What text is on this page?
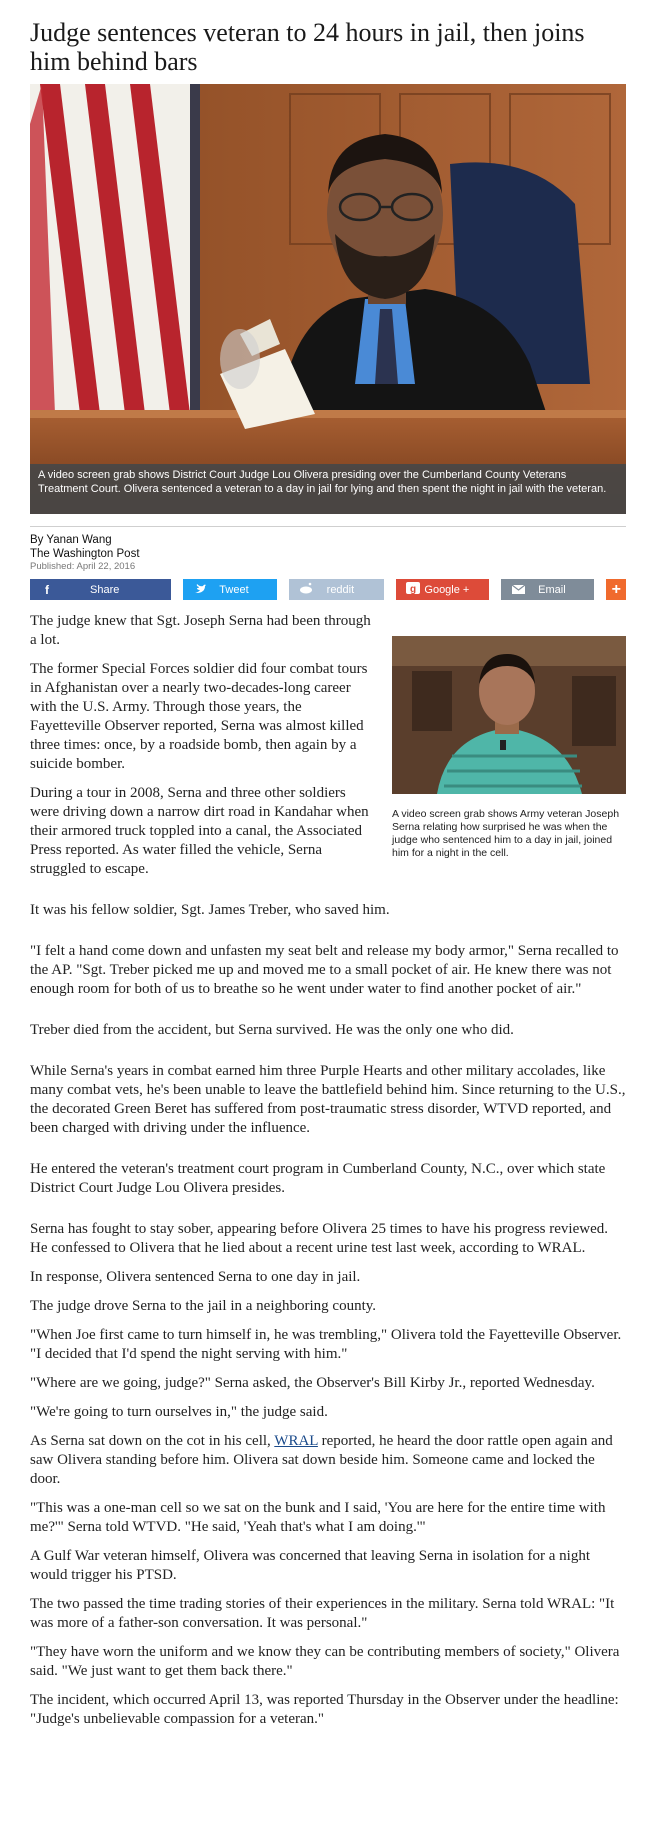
Judge sentences veteran to 24 hours in jail, then joins him behind bars
A video screen grab shows District Court Judge Lou Olivera presiding over the Cumberland County Veterans Treatment Court. Olivera sentenced a veteran to a day in jail for lying and then spent the night in jail with the veteran.
By Yanan Wang
The Washington Post
Published: April 22, 2016
f	Share	Tweet	reddit	g Google +	Email	+
A video screen grab shows Army veteran Joseph Serna relating how surprised he was when the judge who sentenced him to a day in jail, joined him for a night in the cell.

The judge knew that Sgt. Joseph Serna had been through a lot.

The former Special Forces soldier did four combat tours in Afghanistan over a nearly two-decades-long career with the U.S. Army. Through those years, the Fayetteville Observer reported, Serna was almost killed three times: once, by a roadside bomb, then again by a suicide bomber.

During a tour in 2008, Serna and three other soldiers were driving down a narrow dirt road in Kandahar when their armored truck toppled into a canal, the Associated Press reported. As water filled the vehicle, Serna struggled to escape.

It was his fellow soldier, Sgt. James Treber, who saved him.

"I felt a hand come down and unfasten my seat belt and release my body armor," Serna recalled to the AP. "Sgt. Treber picked me up and moved me to a small pocket of air. He knew there was not enough room for both of us to breathe so he went under water to find another pocket of air."

Treber died from the accident, but Serna survived. He was the only one who did.

While Serna's years in combat earned him three Purple Hearts and other military accolades, like many combat vets, he's been unable to leave the battlefield behind him. Since returning to the U.S., the decorated Green Beret has suffered from post-traumatic stress disorder, WTVD reported, and been charged with driving under the influence.

He entered the veteran's treatment court program in Cumberland County, N.C., over which state District Court Judge Lou Olivera presides.

Serna has fought to stay sober, appearing before Olivera 25 times to have his progress reviewed. He confessed to Olivera that he lied about a recent urine test last week, according to WRAL.

In response, Olivera sentenced Serna to one day in jail.

The judge drove Serna to the jail in a neighboring county.

"When Joe first came to turn himself in, he was trembling," Olivera told the Fayetteville Observer. "I decided that I'd spend the night serving with him."

"Where are we going, judge?" Serna asked, the Observer's Bill Kirby Jr., reported Wednesday.

"We're going to turn ourselves in," the judge said.

As Serna sat down on the cot in his cell, WRAL reported, he heard the door rattle open again and saw Olivera standing before him. Olivera sat down beside him. Someone came and locked the door.

"This was a one-man cell so we sat on the bunk and I said, 'You are here for the entire time with me?'" Serna told WTVD. "He said, 'Yeah that's what I am doing.'"

A Gulf War veteran himself, Olivera was concerned that leaving Serna in isolation for a night would trigger his PTSD.

The two passed the time trading stories of their experiences in the military. Serna told WRAL: "It was more of a father-son conversation. It was personal."

"They have worn the uniform and we know they can be contributing members of society," Olivera said. "We just want to get them back there."

The incident, which occurred April 13, was reported Thursday in the Observer under the headline: "Judge's unbelievable compassion for a veteran."
